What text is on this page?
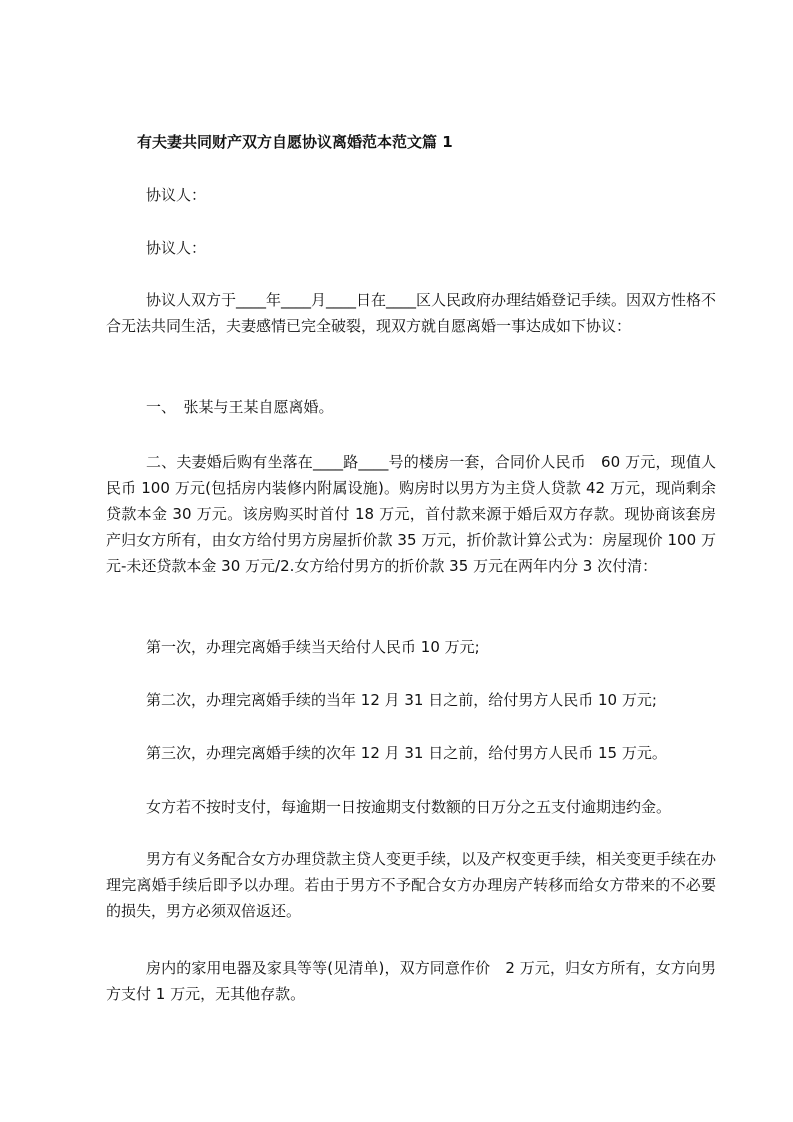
有夫妻共同财产双方自愿协议离婚范本范文篇 1
协议人：
协议人：
协议人双方于____年____月____日在____区人民政府办理结婚登记手续。因双方性格不合无法共同生活，夫妻感情已完全破裂，现双方就自愿离婚一事达成如下协议：
一、　张某与王某自愿离婚。
二、夫妻婚后购有坐落在____路____号的楼房一套，合同价人民币　60 万元，现值人民币 100 万元(包括房内装修内附属设施)。购房时以男方为主贷人贷款 42 万元，现尚剩余贷款本金 30 万元。该房购买时首付 18 万元，首付款来源于婚后双方存款。现协商该套房产归女方所有，由女方给付男方房屋折价款 35 万元，折价款计算公式为：房屋现价 100 万元-未还贷款本金 30 万元/2.女方给付男方的折价款 35 万元在两年内分 3 次付清：
第一次，办理完离婚手续当天给付人民币 10 万元;
第二次，办理完离婚手续的当年 12 月 31 日之前，给付男方人民币 10 万元;
第三次，办理完离婚手续的次年 12 月 31 日之前，给付男方人民币 15 万元。
女方若不按时支付，每逾期一日按逾期支付数额的日万分之五支付逾期违约金。
男方有义务配合女方办理贷款主贷人变更手续，以及产权变更手续，相关变更手续在办理完离婚手续后即予以办理。若由于男方不予配合女方办理房产转移而给女方带来的不必要的损失，男方必须双倍返还。
房内的家用电器及家具等等(见清单)，双方同意作价　2 万元，归女方所有，女方向男方支付 1 万元，无其他存款。
